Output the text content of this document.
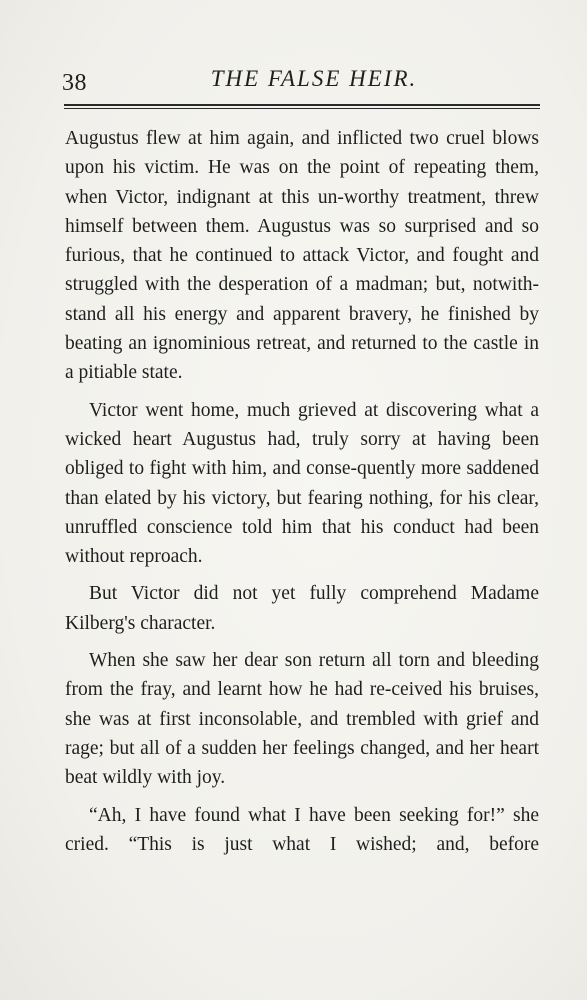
38	THE FALSE HEIR.

Augustus flew at him again, and inflicted two cruel blows upon his victim. He was on the point of repeating them, when Victor, indignant at this un-worthy treatment, threw himself between them. Augustus was so surprised and so furious, that he continued to attack Victor, and fought and struggled with the desperation of a madman; but, notwith-stand all his energy and apparent bravery, he finished by beating an ignominious retreat, and returned to the castle in a pitiable state.

Victor went home, much grieved at discovering what a wicked heart Augustus had, truly sorry at having been obliged to fight with him, and conse-quently more saddened than elated by his victory, but fearing nothing, for his clear, unruffled conscience told him that his conduct had been without reproach.

But Victor did not yet fully comprehend Madame Kilberg's character.

When she saw her dear son return all torn and bleeding from the fray, and learnt how he had re-ceived his bruises, she was at first inconsolable, and trembled with grief and rage; but all of a sudden her feelings changed, and her heart beat wildly with joy.

“Ah, I have found what I have been seeking for!” she cried. “This is just what I wished; and, before
